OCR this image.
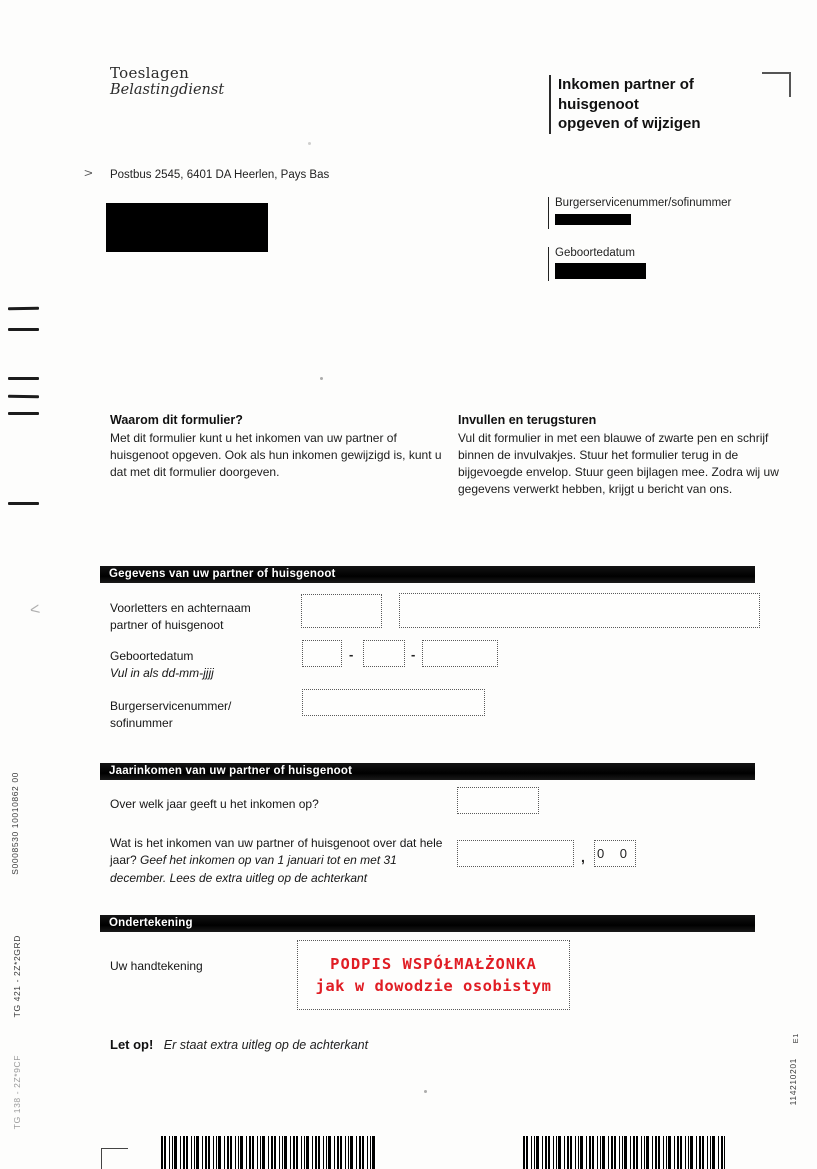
Toeslagen
Belastingdienst	Inkomen partner of
huisgenoot
opgeven of wijzigen
> Postbus 2545, 6401 DA Heerlen, Pays Bas
Burgerservicenummer/sofinummer
Geboortedatum
<

Waarom dit formulier?

Met dit formulier kunt u het inkomen van uw partner of huisgenoot opgeven. Ook als hun inkomen gewijzigd is, kunt u dat met dit formulier doorgeven.

Invullen en terugsturen

Vul dit formulier in met een blauwe of zwarte pen en schrijf binnen de invulvakjes. Stuur het formulier terug in de bijgevoegde envelop. Stuur geen bijlagen mee. Zodra wij uw gegevens verwerkt hebben, krijgt u bericht van ons.

Gegevens van uw partner of huisgenoot
Voorletters en achternaam
partner of huisgenoot
Geboortedatum
Vul in als dd-mm-jjjj
-	-
Burgerservicenummer/
sofinummer
Jaarinkomen van uw partner of huisgenoot
Over welk jaar geeft u het inkomen op?
Wat is het inkomen van uw partner of huisgenoot over dat hele jaar? Geef het inkomen op van 1 januari tot en met 31 december. Lees de extra uitleg op de achterkant
, 0 0
Ondertekening
Uw handtekening	PODPIS WSPÓŁMAŁŻONKA
jak w dowodzie osobistym
Let op! Er staat extra uitleg op de achterkant
S0008530 10010862 00
TG 421 - 2Z*2GRD
TG 138 - 2Z*9CF
E1
114210201
